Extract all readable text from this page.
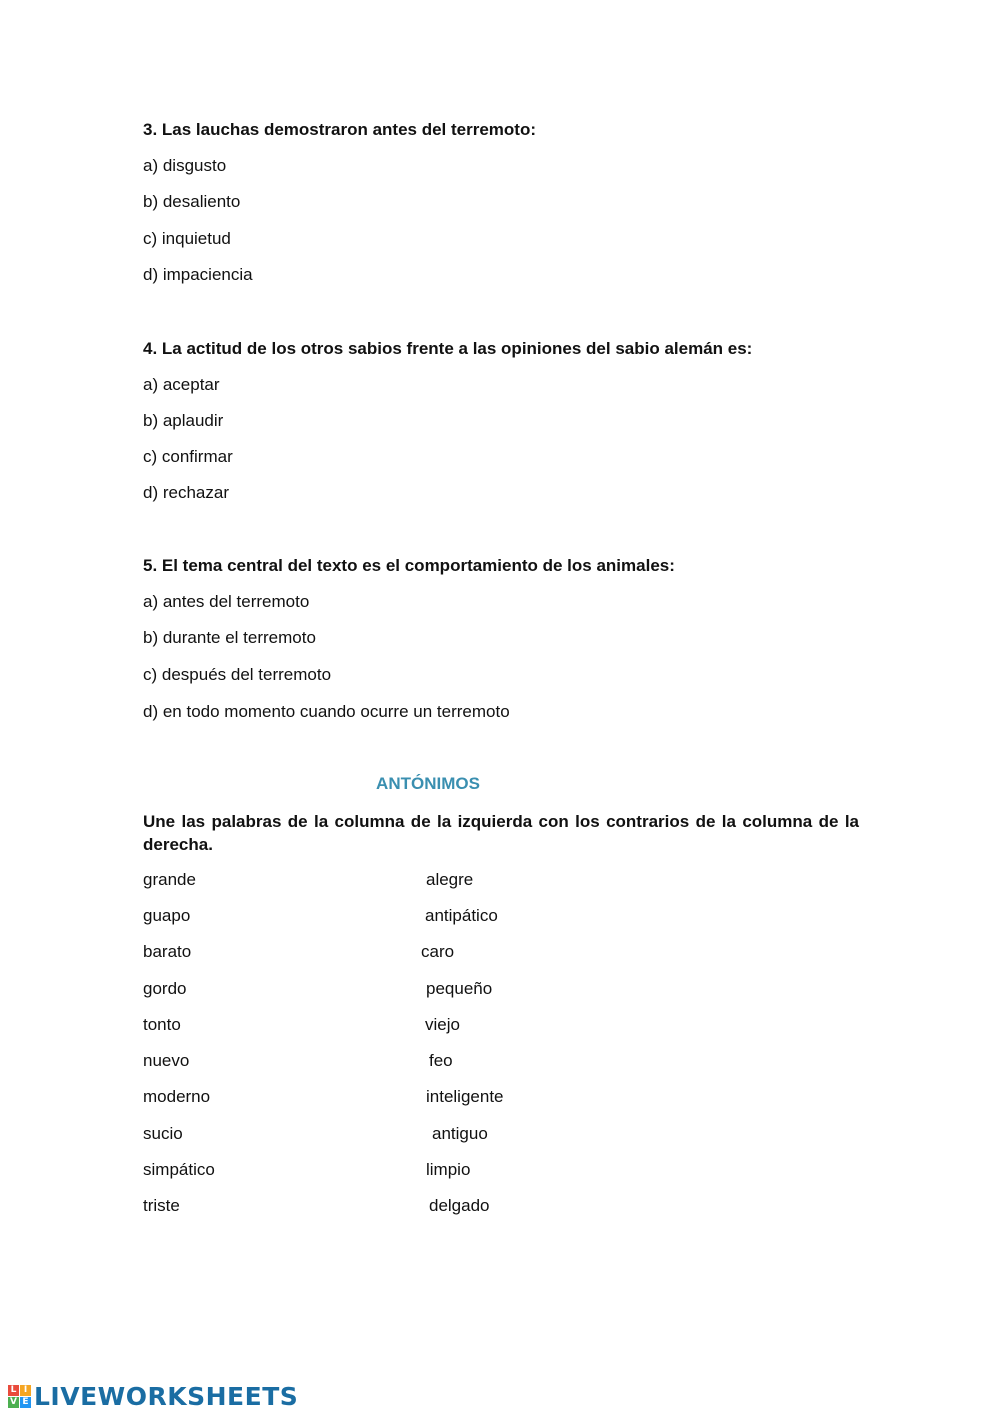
3. Las lauchas demostraron antes del terremoto:
a) disgusto
b) desaliento
c) inquietud
d) impaciencia
4. La actitud de los otros sabios frente a las opiniones del sabio alemán es:
a) aceptar
b) aplaudir
c) confirmar
d) rechazar
5. El tema central del texto es el comportamiento de los animales:
a) antes del terremoto
b) durante el terremoto
c) después del terremoto
d) en todo momento cuando ocurre un terremoto
ANTÓNIMOS
Une las palabras de la columna de la izquierda con los contrarios de la columna de la derecha.
grande
guapo
barato
gordo
tonto
nuevo
moderno
sucio
simpático
triste
alegre
antipático
caro
pequeño
viejo
feo
inteligente
antiguo
limpio
delgado
L I
V E LIVEWORKSHEETS
